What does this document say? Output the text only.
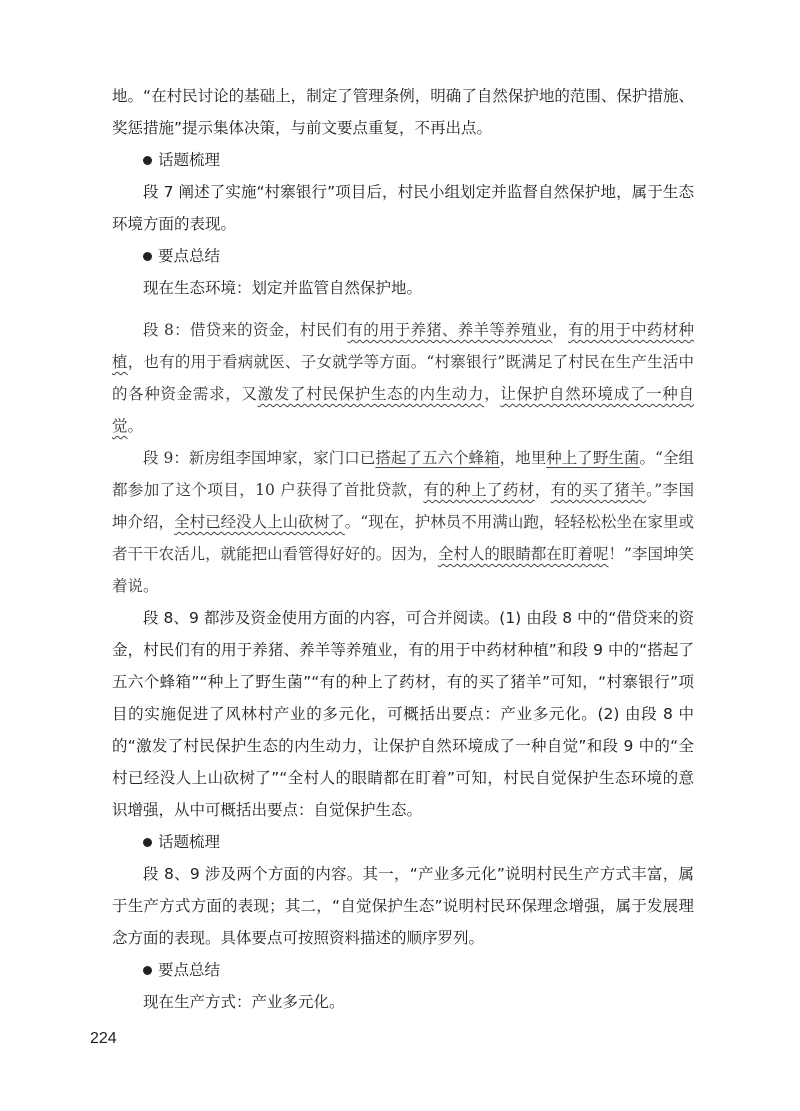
地。“在村民讨论的基础上，制定了管理条例，明确了自然保护地的范围、保护措施、奖惩措施”提示集体决策，与前文要点重复，不再出点。

话题梳理

段 7 阐述了实施“村寨银行”项目后，村民小组划定并监督自然保护地，属于生态环境方面的表现。

要点总结

现在生态环境：划定并监管自然保护地。

段 8：借贷来的资金，村民们有的用于养猪、养羊等养殖业，有的用于中药材种植，也有的用于看病就医、子女就学等方面。“村寨银行”既满足了村民在生产生活中的各种资金需求，又激发了村民保护生态的内生动力，让保护自然环境成了一种自觉。

段 9：新房组李国坤家，家门口已搭起了五六个蜂箱，地里种上了野生菌。“全组都参加了这个项目，10 户获得了首批贷款，有的种上了药材，有的买了猪羊。”李国坤介绍，全村已经没人上山砍树了。“现在，护林员不用满山跑，轻轻松松坐在家里或者干干农活儿，就能把山看管得好好的。因为，全村人的眼睛都在盯着呢！”李国坤笑着说。

段 8、9 都涉及资金使用方面的内容，可合并阅读。(1) 由段 8 中的“借贷来的资金，村民们有的用于养猪、养羊等养殖业，有的用于中药材种植”和段 9 中的“搭起了五六个蜂箱”“种上了野生菌”“有的种上了药材，有的买了猪羊”可知，“村寨银行”项目的实施促进了风林村产业的多元化，可概括出要点：产业多元化。(2) 由段 8 中的“激发了村民保护生态的内生动力，让保护自然环境成了一种自觉”和段 9 中的“全村已经没人上山砍树了”“全村人的眼睛都在盯着”可知，村民自觉保护生态环境的意识增强，从中可概括出要点：自觉保护生态。

话题梳理

段 8、9 涉及两个方面的内容。其一，“产业多元化”说明村民生产方式丰富，属于生产方式方面的表现；其二，“自觉保护生态”说明村民环保理念增强，属于发展理念方面的表现。具体要点可按照资料描述的顺序罗列。

要点总结

现在生产方式：产业多元化。

224
